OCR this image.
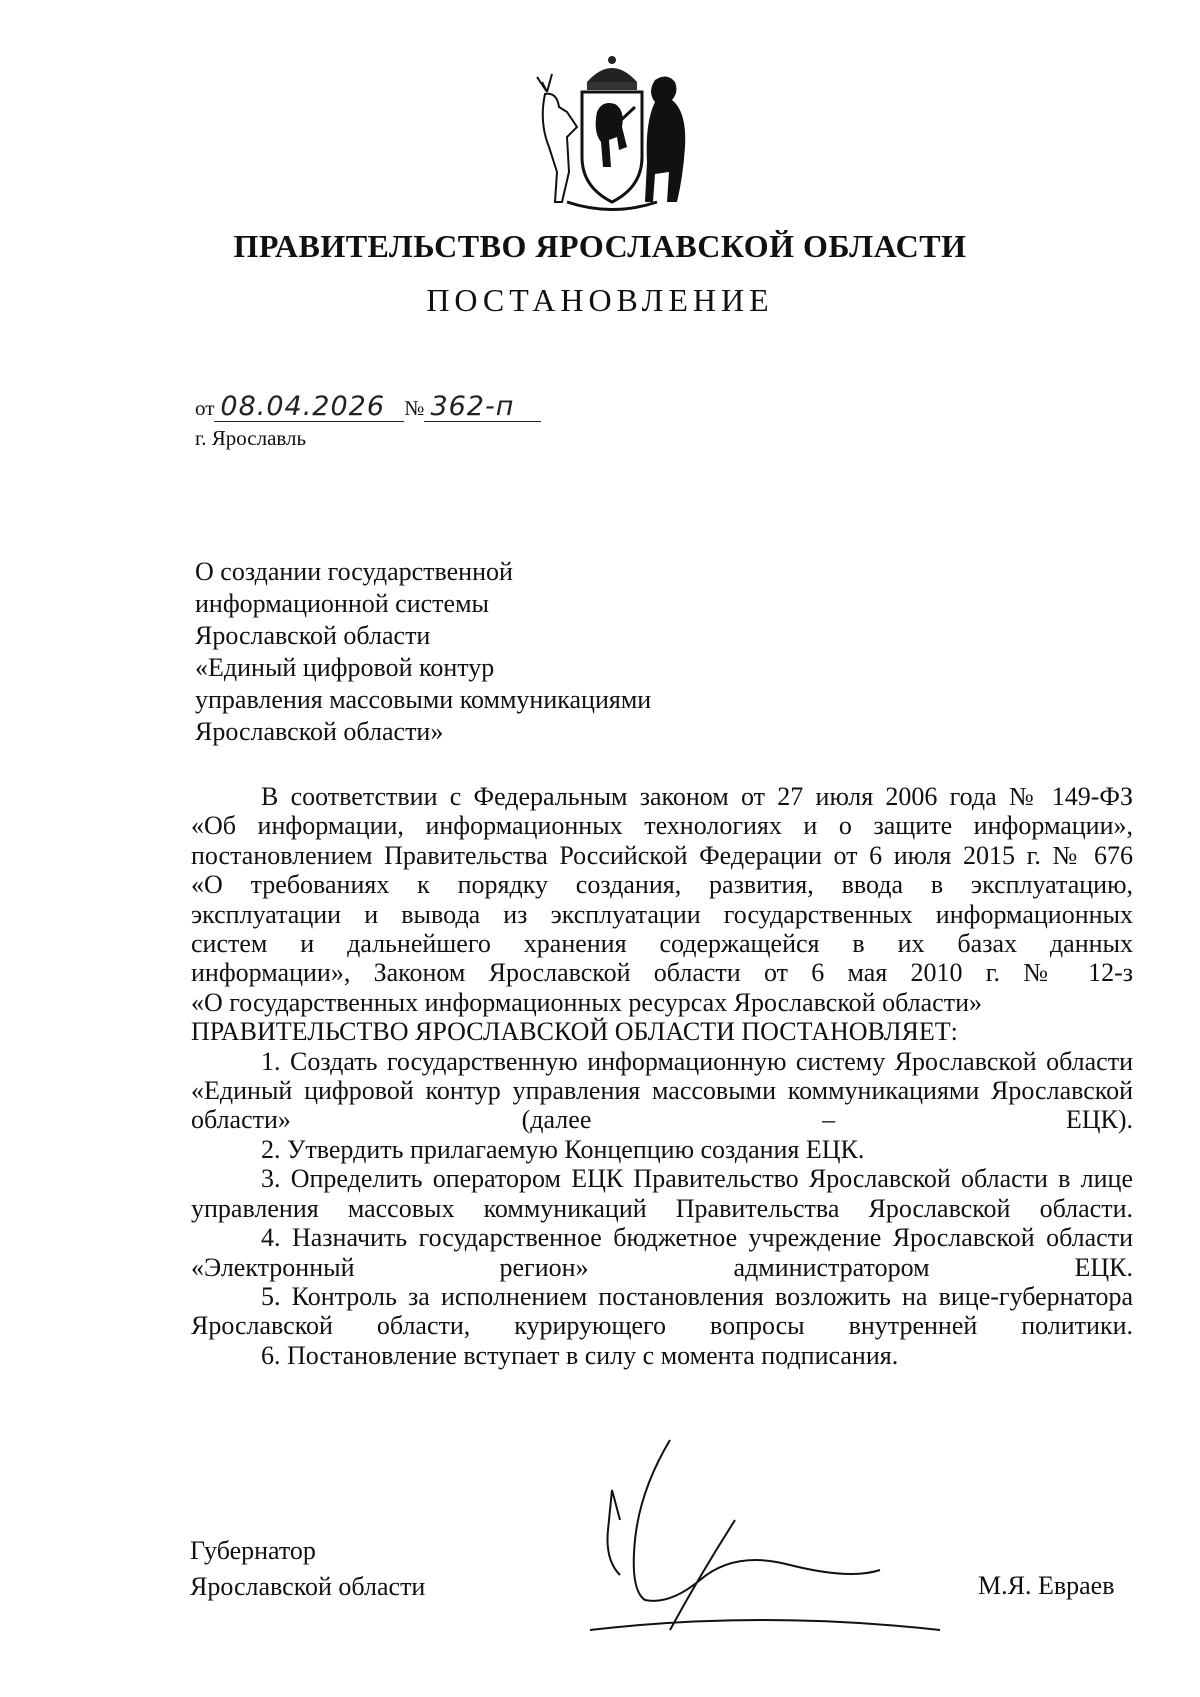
ПРАВИТЕЛЬСТВО ЯРОСЛАВСКОЙ ОБЛАСТИ
ПОСТАНОВЛЕНИЕ
от 08.04.2026 № 362-п
г. Ярославль
О создании государственной
информационной системы
Ярославской области
«Единый цифровой контур
управления массовыми коммуникациями
Ярославской области»
В соответствии с Федеральным законом от 27 июля 2006 года № 149-ФЗ
«Об информации, информационных технологиях и о защите информации»,
постановлением Правительства Российской Федерации от 6 июля 2015 г. № 676
«О требованиях к порядку создания, развития, ввода в эксплуатацию,
эксплуатации и вывода из эксплуатации государственных информационных
систем и дальнейшего хранения содержащейся в их базах данных
информации», Законом Ярославской области от 6 мая 2010 г. № 12-з
«О государственных информационных ресурсах Ярославской области»
ПРАВИТЕЛЬСТВО ЯРОСЛАВСКОЙ ОБЛАСТИ ПОСТАНОВЛЯЕТ:
1. Создать государственную информационную систему Ярославской области «Единый цифровой контур управления массовыми коммуникациями Ярославской области» (далее – ЕЦК).
2. Утвердить прилагаемую Концепцию создания ЕЦК.
3. Определить оператором ЕЦК Правительство Ярославской области в лице управления массовых коммуникаций Правительства Ярославской области.
4. Назначить государственное бюджетное учреждение Ярославской области «Электронный регион» администратором ЕЦК.
5. Контроль за исполнением постановления возложить на вице-губернатора Ярославской области, курирующего вопросы внутренней политики.
6. Постановление вступает в силу с момента подписания.
Губернатор
Ярославской области	М.Я. Евраев
